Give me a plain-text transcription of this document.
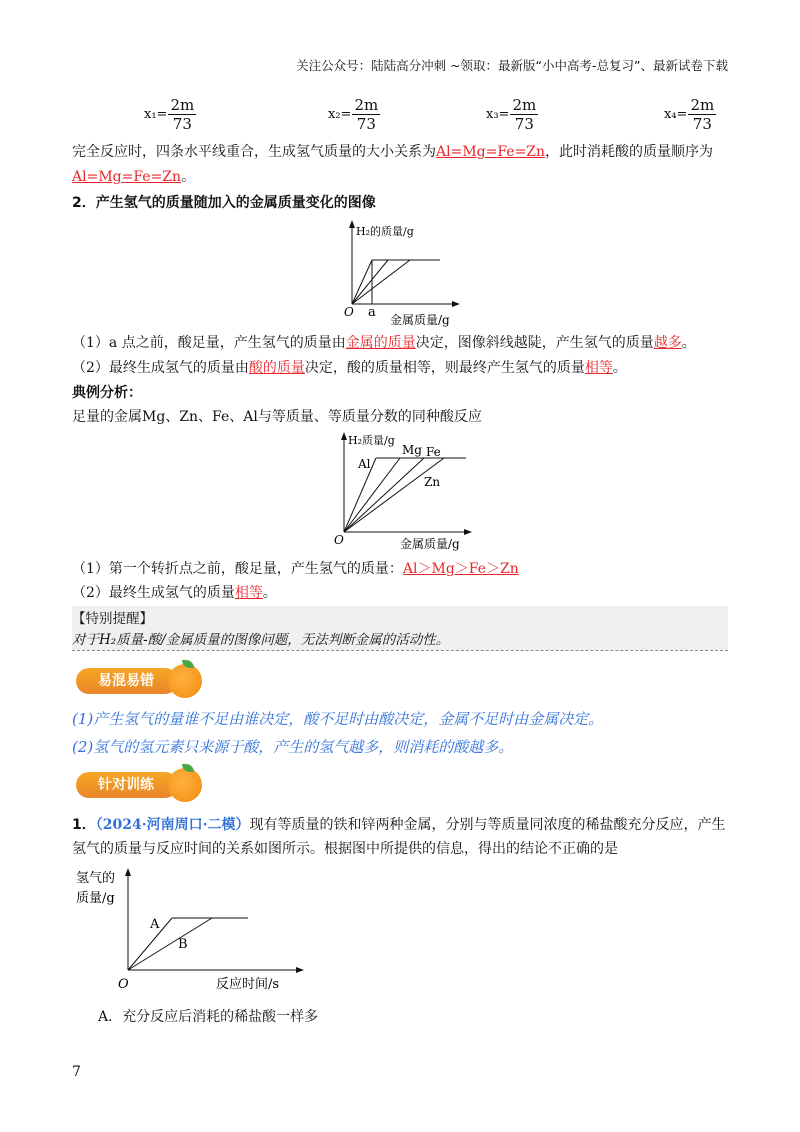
关注公众号：陆陆高分冲刺 ~领取：最新版“小中高考-总复习”、最新试卷下载
$x_1= \frac{2m}{73}$	$x_2= \frac{2m}{73}$	$x_3= \frac{2m}{73}$	$x_4= \frac{2m}{73}$
完全反应时，四条水平线重合，生成氢气质量的大小关系为Al=Mg=Fe=Zn，此时消耗酸的质量顺序为
Al=Mg=Fe=Zn。
2．产生氢气的质量随加入的金属质量变化的图像
H₂的质量/g
O a 金属质量/g
（1）a 点之前，酸足量，产生氢气的质量由金属的质量决定，图像斜线越陡，产生氢气的质量越多。
（2）最终生成氢气的质量由酸的质量决定，酸的质量相等，则最终产生氢气的质量相等。
典例分析：
足量的金属Mg、Zn、Fe、Al与等质量、等质量分数的同种酸反应
H₂质量/g
Al
Mg Fe
Zn
O	金属质量/g
（1）第一个转折点之前，酸足量，产生氢气的质量：Al＞Mg＞Fe＞Zn
（2）最终生成氢气的质量相等。
【特别提醒】
对于H₂质量-酸/金属质量的图像问题，无法判断金属的活动性。
易混易错
(1)产生氢气的量谁不足由谁决定，酸不足时由酸决定，金属不足时由金属决定。
(2)氢气的氢元素只来源于酸，产生的氢气越多，则消耗的酸越多。
针对训练
1．（2024·河南周口·二模）现有等质量的铁和锌两种金属，分别与等质量同浓度的稀盐酸充分反应，产生
氢气的质量与反应时间的关系如图所示。根据图中所提供的信息，得出的结论不正确的是
氢气的
质量/g
A
B
O	反应时间/s
A．充分反应后消耗的稀盐酸一样多
7
